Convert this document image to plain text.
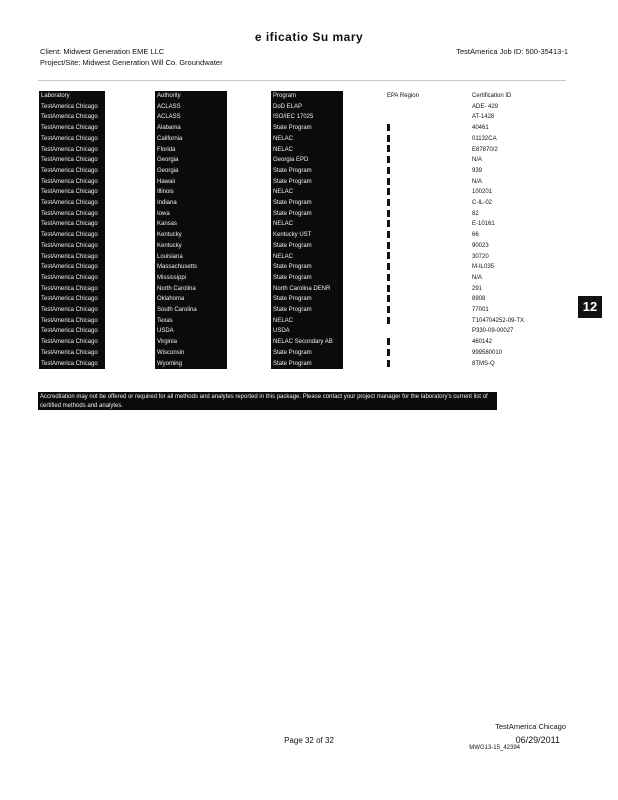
e ificatio Su mary
Client: Midwest Generation EME LLC
Project/Site: Midwest Generation Will Co. Groundwater
TestAmerica Job ID: 500-35413-1
Laboratory		Authority		Program		EPA Region		Certification ID
TestAmerica Chicago		ACLASS		DoD ELAP				ADE- 429
TestAmerica Chicago		ACLASS		ISO/IEC 17025				AT-1428
TestAmerica Chicago		Alabama		State Program				40461
TestAmerica Chicago		California		NELAC				01132CA
TestAmerica Chicago		Florida		NELAC				E87870/2
TestAmerica Chicago		Georgia		Georgia EPD				N/A
TestAmerica Chicago		Georgia		State Program				939
TestAmerica Chicago		Hawaii		State Program				N/A
TestAmerica Chicago		Illinois		NELAC				100201
TestAmerica Chicago		Indiana		State Program				C-IL-02
TestAmerica Chicago		Iowa		State Program				82
TestAmerica Chicago		Kansas		NELAC				E-10161
TestAmerica Chicago		Kentucky		Kentucky UST				66
TestAmerica Chicago		Kentucky		State Program				90023
TestAmerica Chicago		Louisiana		NELAC				30720
TestAmerica Chicago		Massachusetts		State Program				M-IL035
TestAmerica Chicago		Mississippi		State Program				N/A
TestAmerica Chicago		North Carolina		North Carolina DENR				291
TestAmerica Chicago		Oklahoma		State Program				8908
TestAmerica Chicago		South Carolina		State Program				77001
TestAmerica Chicago		Texas		NELAC				T104704252-09-TX
TestAmerica Chicago		USDA		USDA				P330-09-00027
TestAmerica Chicago		Virginia		NELAC Secondary AB				460142
TestAmerica Chicago		Wisconsin		State Program				999580010
TestAmerica Chicago		Wyoming		State Program				8TMS-Q
Accreditation may not be offered or required for all methods and analytes reported in this package. Please contact your project manager for the laboratory's current list of certified methods and analytes.
12
TestAmerica Chicago
06/29/2011
Page 32 of 32
MWG13-15_42394
